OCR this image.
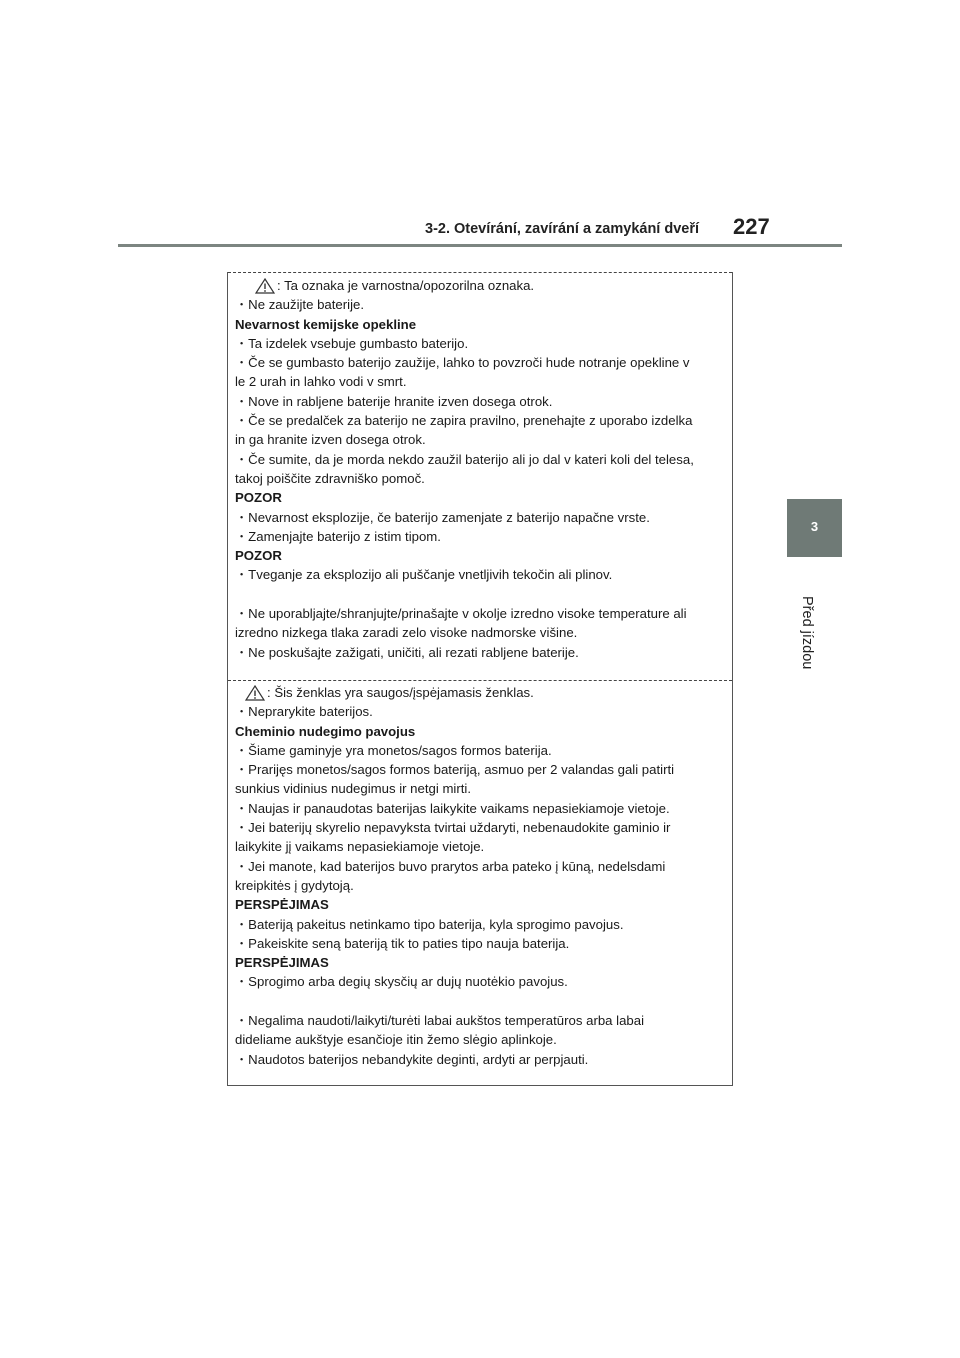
3-2. Otevírání, zavírání a zamykání dveří 227
3
Před jízdou

: Ta oznaka je varnostna/opozorilna oznaka.

・Ne zaužijte baterije.

Nevarnost kemijske opekline

・Ta izdelek vsebuje gumbasto baterijo.

・Če se gumbasto baterijo zaužije, lahko to povzroči hude notranje opekline v

le 2 urah in lahko vodi v smrt.

・Nove in rabljene baterije hranite izven dosega otrok.

・Če se predalček za baterijo ne zapira pravilno, prenehajte z uporabo izdelka

in ga hranite izven dosega otrok.

・Če sumite, da je morda nekdo zaužil baterijo ali jo dal v kateri koli del telesa,

takoj poiščite zdravniško pomoč.

POZOR

・Nevarnost eksplozije, če baterijo zamenjate z baterijo napačne vrste.

・Zamenjajte baterijo z istim tipom.

POZOR

・Tveganje za eksplozijo ali puščanje vnetljivih tekočin ali plinov.

・Ne uporabljajte/shranjujte/prinašajte v okolje izredno visoke temperature ali

izredno nizkega tlaka zaradi zelo visoke nadmorske višine.

・Ne poskušajte zažigati, uničiti, ali rezati rabljene baterije.

: Šis ženklas yra saugos/įspėjamasis ženklas.

・Neprarykite baterijos.

Cheminio nudegimo pavojus

・Šiame gaminyje yra monetos/sagos formos baterija.

・Prarijęs monetos/sagos formos bateriją, asmuo per 2 valandas gali patirti

sunkius vidinius nudegimus ir netgi mirti.

・Naujas ir panaudotas baterijas laikykite vaikams nepasiekiamoje vietoje.

・Jei baterijų skyrelio nepavyksta tvirtai uždaryti, nebenaudokite gaminio ir

laikykite jį vaikams nepasiekiamoje vietoje.

・Jei manote, kad baterijos buvo prarytos arba pateko į kūną, nedelsdami

kreipkitės į gydytoją.

PERSPĖJIMAS

・Bateriją pakeitus netinkamo tipo baterija, kyla sprogimo pavojus.

・Pakeiskite seną bateriją tik to paties tipo nauja baterija.

PERSPĖJIMAS

・Sprogimo arba degių skysčių ar dujų nuotėkio pavojus.

・Negalima naudoti/laikyti/turėti labai aukštos temperatūros arba labai

dideliame aukštyje esančioje itin žemo slėgio aplinkoje.

・Naudotos baterijos nebandykite deginti, ardyti ar perpjauti.
